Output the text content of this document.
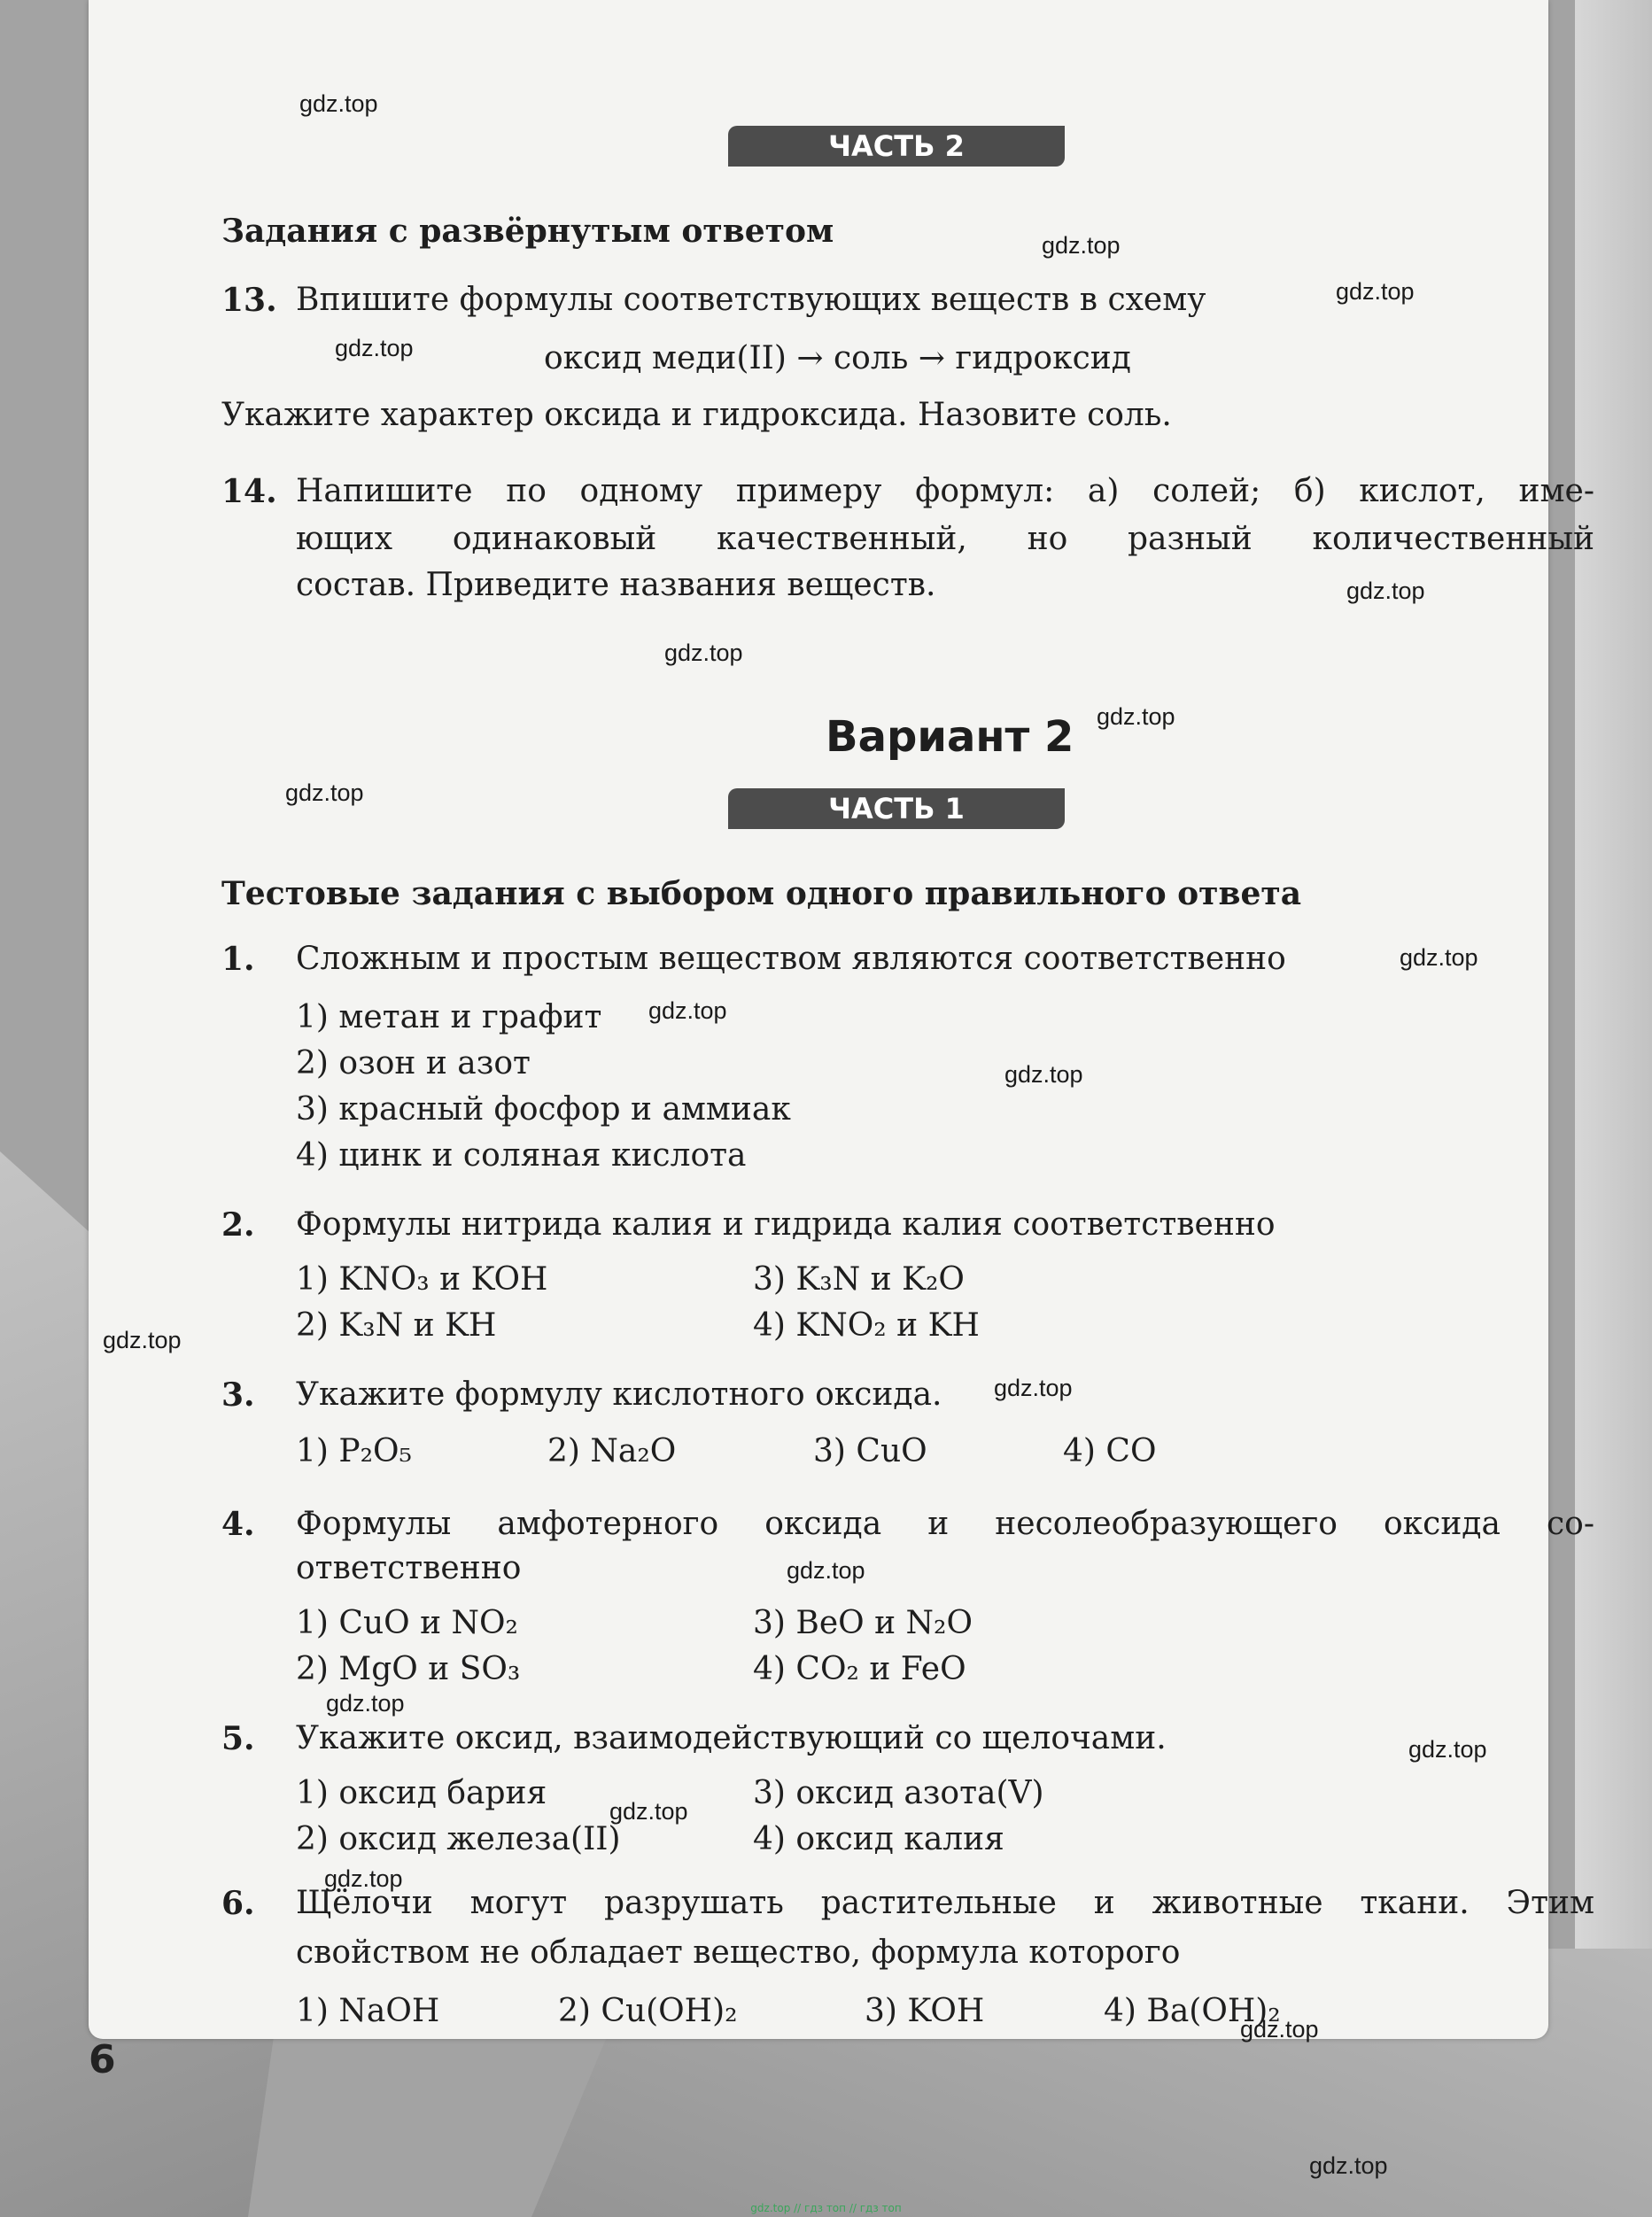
ЧАСТЬ 2
Задания с развёрнутым ответом
13. Впишите формулы соответствующих веществ в схему
оксид меди(II) → соль → гидроксид
Укажите характер оксида и гидроксида. Назовите соль.
14. Напишите по одному примеру формул: а) солей; б) кислот, име-
ющих одинаковый качественный, но разный количественный
состав. Приведите названия веществ.
Вариант 2
ЧАСТЬ 1
Тестовые задания с выбором одного правильного ответа
1. Сложным и простым веществом являются соответственно
1) метан и графит
2) озон и азот
3) красный фосфор и аммиак
4) цинк и соляная кислота
2. Формулы нитрида калия и гидрида калия соответственно
1) KNO₃ и KOH	3) K₃N и K₂O
2) K₃N и KH	4) KNO₂ и KH
3. Укажите формулу кислотного оксида.
1) P₂O₅	2) Na₂O	3) CuO	4) CO
4. Формулы амфотерного оксида и несолеобразующего оксида со-
ответственно
1) CuO и NO₂	3) BeO и N₂O
2) MgO и SO₃	4) CO₂ и FeO
5. Укажите оксид, взаимодействующий со щелочами.
1) оксид бария	3) оксид азота(V)
2) оксид железа(II)	4) оксид калия
6. Щёлочи могут разрушать растительные и животные ткани. Этим
свойством не обладает вещество, формула которого
1) NaOH	2) Cu(OH)₂	3) KOH	4) Ba(OH)₂
6
gdz.top
gdz.top
gdz.top
gdz.top
gdz.top
gdz.top
gdz.top
gdz.top
gdz.top
gdz.top
gdz.top
gdz.top
gdz.top
gdz.top
gdz.top
gdz.top
gdz.top
gdz.top
gdz.top
gdz.top
gdz.top // гдз топ // гдз топ
